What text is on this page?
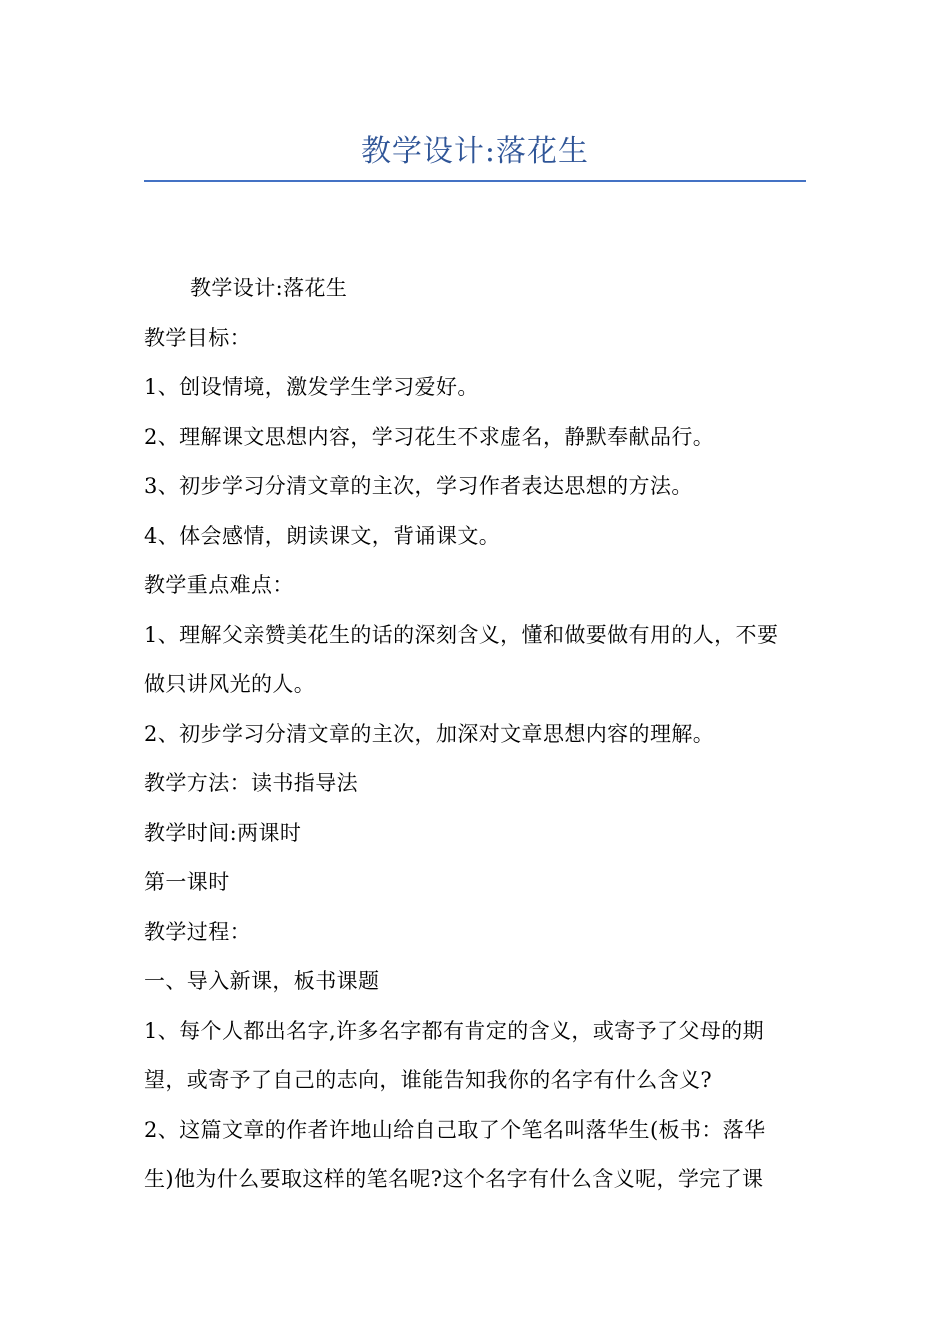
教学设计:落花生
教学设计:落花生
教学目标：
1、创设情境，激发学生学习爱好。
2、理解课文思想内容，学习花生不求虚名，静默奉献品行。
3、初步学习分清文章的主次，学习作者表达思想的方法。
4、体会感情，朗读课文，背诵课文。
教学重点难点：
1、理解父亲赞美花生的话的深刻含义，懂和做要做有用的人，不要
做只讲风光的人。
2、初步学习分清文章的主次，加深对文章思想内容的理解。
教学方法：读书指导法
教学时间:两课时
第一课时
教学过程：
一、导入新课，板书课题
1、每个人都出名字,许多名字都有肯定的含义，或寄予了父母的期
望，或寄予了自己的志向，谁能告知我你的名字有什么含义?
2、这篇文章的作者许地山给自己取了个笔名叫落华生(板书：落华
生)他为什么要取这样的笔名呢?这个名字有什么含义呢，学完了课
